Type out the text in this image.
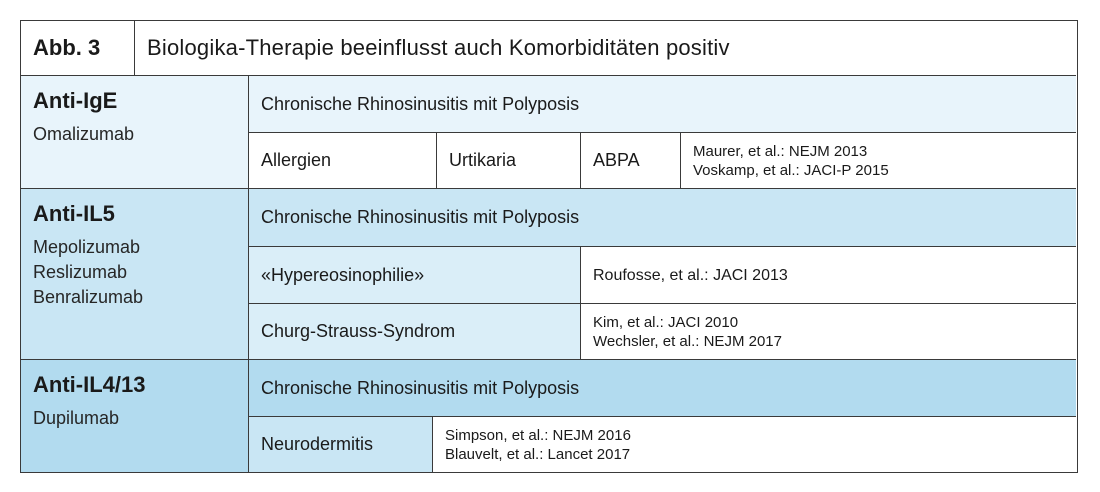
Abb. 3	Biologika-Therapie beeinflusst auch Komorbiditäten positiv
Anti-IgE
Omalizumab
Chronische Rhinosinusitis mit Polyposis
Allergien	Urtikaria	ABPA	Maurer, et al.: NEJM 2013
Voskamp, et al.: JACI-P 2015
Anti-IL5
Mepolizumab
Reslizumab
Benralizumab
Chronische Rhinosinusitis mit Polyposis
«Hypereosinophilie»	Roufosse, et al.: JACI 2013
Churg-Strauss-Syndrom	Kim, et al.: JACI 2010
Wechsler, et al.: NEJM 2017
Anti-IL4/13
Dupilumab
Chronische Rhinosinusitis mit Polyposis
Neurodermitis	Simpson, et al.: NEJM 2016
Blauvelt, et al.: Lancet 2017
